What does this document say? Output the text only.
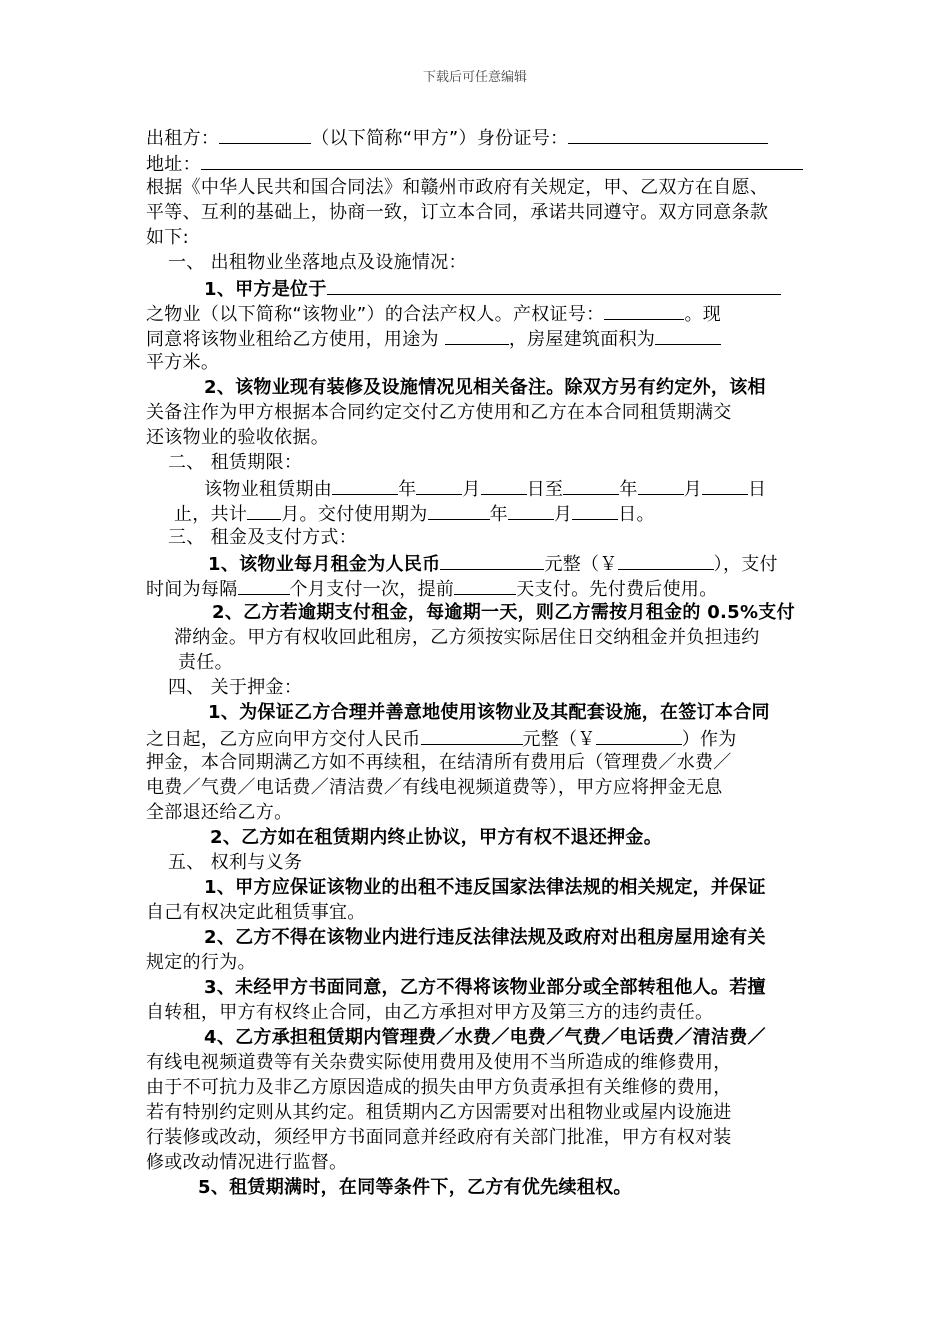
下载后可任意编辑
出租方：	（以下简称“甲方”）身份证号：
地址：
根据《中华人民共和国合同法》和赣州市政府有关规定，甲、乙双方在自愿、
平等、互利的基础上，协商一致，订立本合同，承诺共同遵守。双方同意条款
如下:
一、 出租物业坐落地点及设施情况：
1、甲方是位于
之物业（以下简称“该物业”）的合法产权人。产权证号：	。现
同意将该物业租给乙方使用，用途为	，房屋建筑面积为
平方米。
2、该物业现有装修及设施情况见相关备注。除双方另有约定外，该相
关备注作为甲方根据本合同约定交付乙方使用和乙方在本合同租赁期满交
还该物业的验收依据。
二、 租赁期限：
该物业租赁期由	年	月	日至	年	月	日
止，共计 月。交付使用期为	年	月	日。
三、 租金及支付方式：
1、该物业每月租金为人民币	元整（￥	），支付
时间为每隔	个月支付一次，提前	天支付。先付费后使用。
2、乙方若逾期支付租金，每逾期一天，则乙方需按月租金的 0.5%支付
滞纳金。甲方有权收回此租房，乙方须按实际居住日交纳租金并负担违约
责任。
四、 关于押金：
1、为保证乙方合理并善意地使用该物业及其配套设施，在签订本合同
之日起，乙方应向甲方交付人民币	元整（￥	）作为
押金，本合同期满乙方如不再续租，在结清所有费用后（管理费／水费／
电费／气费／电话费／清洁费／有线电视频道费等），甲方应将押金无息
全部退还给乙方。
2、乙方如在租赁期内终止协议，甲方有权不退还押金。
五、 权利与义务
1、甲方应保证该物业的出租不违反国家法律法规的相关规定，并保证
自己有权决定此租赁事宜。
2、乙方不得在该物业内进行违反法律法规及政府对出租房屋用途有关
规定的行为。
3、未经甲方书面同意，乙方不得将该物业部分或全部转租他人。若擅
自转租，甲方有权终止合同，由乙方承担对甲方及第三方的违约责任。
4、乙方承担租赁期内管理费／水费／电费／气费／电话费／清洁费／
有线电视频道费等有关杂费实际使用费用及使用不当所造成的维修费用，
由于不可抗力及非乙方原因造成的损失由甲方负责承担有关维修的费用，
若有特别约定则从其约定。租赁期内乙方因需要对出租物业或屋内设施进
行装修或改动，须经甲方书面同意并经政府有关部门批准，甲方有权对装
修或改动情况进行监督。
5、租赁期满时，在同等条件下，乙方有优先续租权。
